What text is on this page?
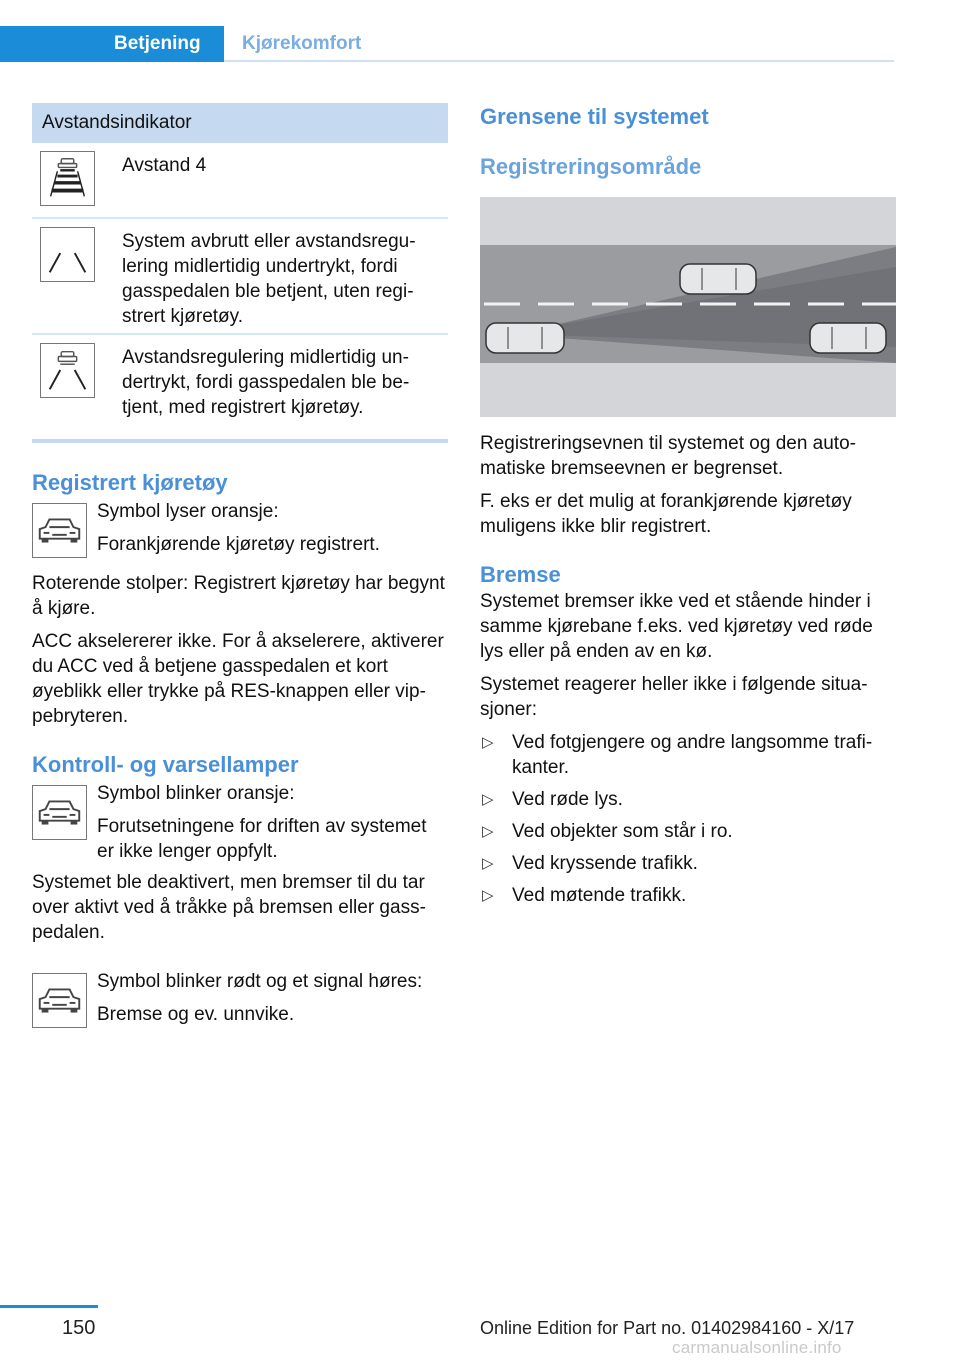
Betjening	Kjørekomfort
Avstandsindikator
Avstand 4
System avbrutt eller avstandsregulering midlertidig undertrykt, fordi gasspedalen ble betjent, uten registrert kjøretøy.
Avstandsregulering midlertidig undertrykt, fordi gasspedalen ble betjent, med registrert kjøretøy.
Registrert kjøretøy

Symbol lyser oransje:

Forankjørende kjøretøy registrert.

Roterende stolper: Registrert kjøretøy har begynt å kjøre.

ACC akselererer ikke. For å akselerere, aktiverer du ACC ved å betjene gasspedalen et kort øyeblikk eller trykke på RES-knappen eller vippebryteren.

Kontroll- og varsellamper

Symbol blinker oransje:

Forutsetningene for driften av systemet er ikke lenger oppfylt.

Systemet ble deaktivert, men bremser til du tar over aktivt ved å tråkke på bremsen eller gasspedalen.

Symbol blinker rødt og et signal høres:

Bremse og ev. unnvike.

Grensene til systemet
Registreringsområde

Registreringsevnen til systemet og den automatiske bremseevnen er begrenset.

F. eks er det mulig at forankjørende kjøretøy muligens ikke blir registrert.

Bremse

Systemet bremser ikke ved et stående hinder i samme kjørebane f.eks. ved kjøretøy ved røde lys eller på enden av en kø.

Systemet reagerer heller ikke i følgende situasjoner:

▷ Ved fotgjengere og andre langsomme trafikanter.
▷ Ved røde lys.
▷ Ved objekter som står i ro.
▷ Ved kryssende trafikk.
▷ Ved møtende trafikk.
150	Online Edition for Part no. 01402984160 - X/17
carmanualsonline.info
